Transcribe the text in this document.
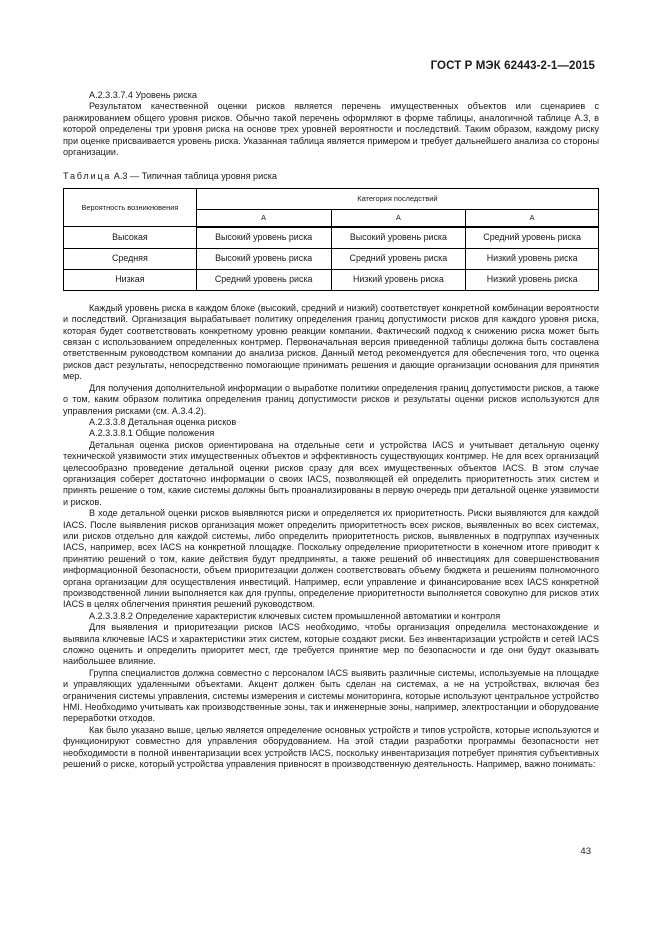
ГОСТ Р МЭК 62443-2-1—2015

А.2.3.3.7.4 Уровень риска

Результатом качественной оценки рисков является перечень имущественных объектов или сценариев с ранжированием общего уровня рисков. Обычно такой перечень оформляют в форме таблицы, аналогичной таблице А.3, в которой определены три уровня риска на основе трех уровней вероятности и последствий. Таким образом, каждому риску при оценке присваивается уровень риска. Указанная таблица является примером и требует дальнейшего анализа со стороны организации.

Таблица А.3 — Типичная таблица уровня риска

Вероятность возникновения	Категория последствий		
	A	A	A
Высокая	Высокий уровень риска	Высокий уровень риска	Средний уровень риска
Средняя	Высокий уровень риска	Средний уровень риска	Низкий уровень риска
Низкая	Средний уровень риска	Низкий уровень риска	Низкий уровень риска

Каждый уровень риска в каждом блоке (высокий, средний и низкий) соответствует конкретной комбинации вероятности и последствий. Организация вырабатывает политику определения границ допустимости рисков для каждого уровня риска, которая будет соответствовать конкретному уровню реакции компании. Фактический подход к снижению риска может быть связан с использованием определенных контрмер. Первоначальная версия приведенной таблицы должна быть составлена ответственным руководством компании до анализа рисков. Данный метод рекомендуется для обеспечения того, что оценка рисков даст результаты, непосредственно помогающие принимать решения и дающие организации основания для принятия мер.

Для получения дополнительной информации о выработке политики определения границ допустимости рисков, а также о том, каким образом политика определения границ допустимости рисков и результаты оценки рисков используются для управления рисками (см. А.3.4.2).

А.2.3.3.8 Детальная оценка рисков

А.2.3.3.8.1 Общие положения

Детальная оценка рисков ориентирована на отдельные сети и устройства IACS и учитывает детальную оценку технической уязвимости этих имущественных объектов и эффективность существующих контрмер. Не для всех организаций целесообразно проведение детальной оценки рисков сразу для всех имущественных объектов IACS. В этом случае организация соберет достаточно информации о своих IACS, позволяющей ей определить приоритетность этих систем и принять решение о том, какие системы должны быть проанализированы в первую очередь при детальной оценке уязвимости и рисков.

В ходе детальной оценки рисков выявляются риски и определяется их приоритетность. Риски выявляются для каждой IACS. После выявления рисков организация может определить приоритетность всех рисков, выявленных во всех системах, или рисков отдельно для каждой системы, либо определить приоритетность рисков, выявленных в подгруппах изученных IACS, например, всех IACS на конкретной площадке. Поскольку определение приоритетности в конечном итоге приводит к принятию решений о том, какие действия будут предприняты, а также решений об инвестициях для совершенствования информационной безопасности, объем приоритезации должен соответствовать объему бюджета и решениям полномочного органа организации для осуществления инвестиций. Например, если управление и финансирование всех IACS конкретной производственной линии выполняется как для группы, определение приоритетности выполняется совокупно для рисков этих IACS в целях облегчения принятия решений руководством.

А.2.3.3.8.2 Определение характеристик ключевых систем промышленной автоматики и контроля

Для выявления и приоритезации рисков IACS необходимо, чтобы организация определила местонахождение и выявила ключевые IACS и характеристики этих систем, которые создают риски. Без инвентаризации устройств и сетей IACS сложно оценить и определить приоритет мест, где требуется принятие мер по безопасности и где они будут оказывать наибольшее влияние.

Группа специалистов должна совместно с персоналом IACS выявить различные системы, используемые на площадке и управляющих удаленными объектами. Акцент должен быть сделан на системах, а не на устройствах, включая без ограничения системы управления, системы измерения и системы мониторинга, которые используют центральное устройство HMI. Необходимо учитывать как производственные зоны, так и инженерные зоны, например, электростанции и оборудование переработки отходов.

Как было указано выше, целью является определение основных устройств и типов устройств, которые используются и функционируют совместно для управления оборудованием. На этой стадии разработки программы безопасности нет необходимости в полной инвентаризации всех устройств IACS, поскольку инвентаризация потребует принятия субъективных решений о риске, который устройства управления привносят в производственную деятельность. Например, важно понимать:

43
